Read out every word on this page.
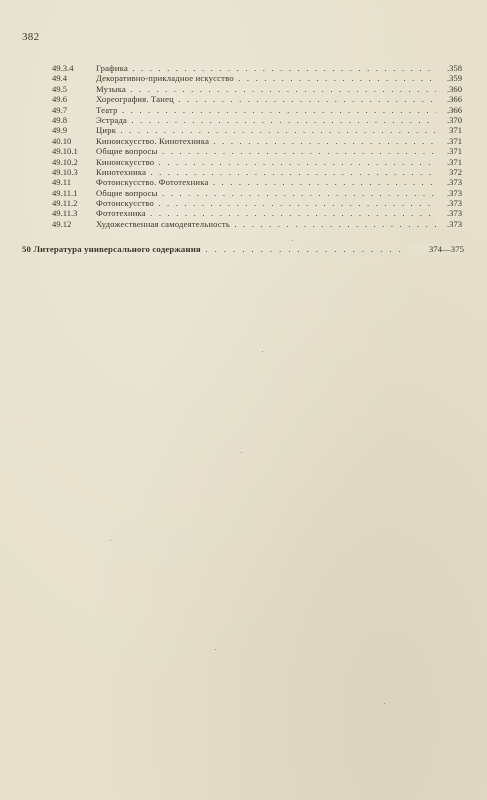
382
49.3.4	Графика . . .	.358
49.4	Декоративно-прикладное искусство . . .	.359
49.5	Музыка . . .	.360
49.6	Хореография. Танец . . .	.366
49.7	Театр . . .	.366
49.8	Эстрада . . .	.370
49.9	Цирк . . .	371
40.10	Киноискусство. Кинотехника . . .	.371
49.10.1 Общие вопросы . . .	.371
49.10.2 Киноискусство . . .	.371
49.10.3 Кинотехника . . .	372
49.11	Фотоискусство. Фототехника . . .	.373
49.11.1 Общие вопросы . . .	.373
49.11.2 Фотоискусство . . .	.373
49.11.3 Фототехника . . .	.373
49.12	Художественная самодеятельность . . .	.373
50 Литература универсального содержания . . .	374—375
